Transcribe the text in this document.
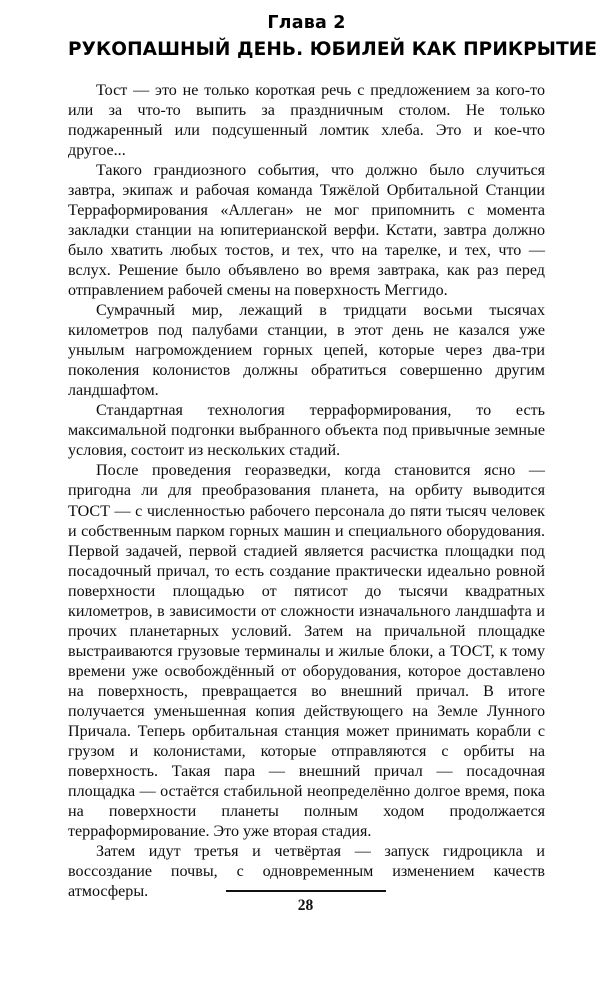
Глава 2
РУКОПАШНЫЙ ДЕНЬ. ЮБИЛЕЙ КАК ПРИКРЫТИЕ

Тост — это не только короткая речь с предложением за кого-то или за что-то выпить за праздничным столом. Не только поджаренный или подсушенный ломтик хлеба. Это и кое-что другое...

Такого грандиозного события, что должно было случиться завтра, экипаж и рабочая команда Тяжёлой Орбитальной Станции Терраформирования «Аллеган» не мог припомнить с момента закладки станции на юпитерианской верфи. Кстати, завтра должно было хватить любых тостов, и тех, что на тарелке, и тех, что — вслух. Решение было объявлено во время завтрака, как раз перед отправлением рабочей смены на поверхность Меггидо.

Сумрачный мир, лежащий в тридцати восьми тысячах километров под палубами станции, в этот день не казался уже унылым нагромождением горных цепей, которые через два-три поколения колонистов должны обратиться совершенно другим ландшафтом.

Стандартная технология терраформирования, то есть максимальной подгонки выбранного объекта под привычные земные условия, состоит из нескольких стадий.

После проведения георазведки, когда становится ясно — пригодна ли для преобразования планета, на орбиту выводится ТОСТ — с численностью рабочего персонала до пяти тысяч человек и собственным парком горных машин и специального оборудования. Первой задачей, первой стадией является расчистка площадки под посадочный причал, то есть создание практически идеально ровной поверхности площадью от пятисот до тысячи квадратных километров, в зависимости от сложности изначального ландшафта и прочих планетарных условий. Затем на причальной площадке выстраиваются грузовые терминалы и жилые блоки, а ТОСТ, к тому времени уже освобождённый от оборудования, которое доставлено на поверхность, превращается во внешний причал. В итоге получается уменьшенная копия действующего на Земле Лунного Причала. Теперь орбитальная станция может принимать корабли с грузом и колонистами, которые отправляются с орбиты на поверхность. Такая пара — внешний причал — посадочная площадка — остаётся стабильной неопределённо долгое время, пока на поверхности планеты полным ходом продолжается терраформирование. Это уже вторая стадия.

Затем идут третья и четвёртая — запуск гидроцикла и воссоздание почвы, с одновременным изменением качеств атмосферы.

28
